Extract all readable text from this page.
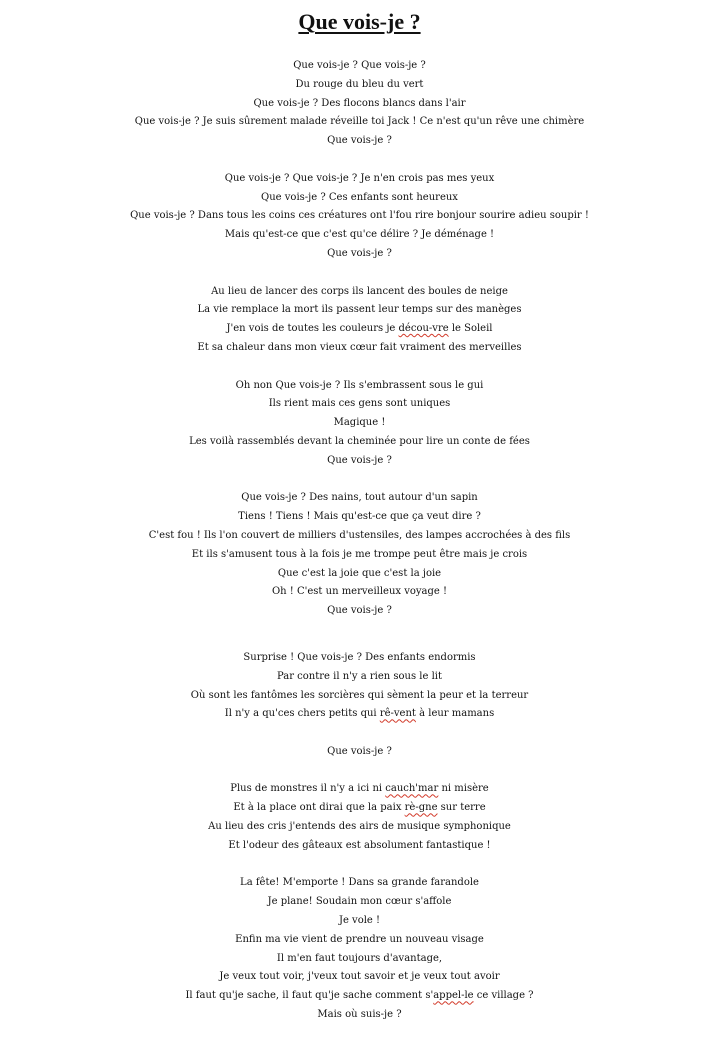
Que vois-je ?
Que vois-je ? Que vois-je ?
Du rouge du bleu du vert
Que vois-je ? Des flocons blancs dans l'air
Que vois-je ? Je suis sûrement malade réveille toi Jack ! Ce n'est qu'un rêve une chimère
Que vois-je ?
Que vois-je ? Que vois-je ? Je n'en crois pas mes yeux
Que vois-je ? Ces enfants sont heureux
Que vois-je ? Dans tous les coins ces créatures ont l'fou rire bonjour sourire adieu soupir !
Mais qu'est-ce que c'est qu'ce délire ? Je déménage !
Que vois-je ?
Au lieu de lancer des corps ils lancent des boules de neige
La vie remplace la mort ils passent leur temps sur des manèges
J'en vois de toutes les couleurs je décou-vre le Soleil
Et sa chaleur dans mon vieux cœur fait vraiment des merveilles
Oh non Que vois-je ? Ils s'embrassent sous le gui
Ils rient mais ces gens sont uniques
Magique !
Les voilà rassemblés devant la cheminée pour lire un conte de fées
Que vois-je ?
Que vois-je ? Des nains, tout autour d'un sapin
Tiens ! Tiens ! Mais qu'est-ce que ça veut dire ?
C'est fou ! Ils l'on couvert de milliers d'ustensiles, des lampes accrochées à des fils
Et ils s'amusent tous à la fois je me trompe peut être mais je crois
Que c'est la joie que c'est la joie
Oh ! C'est un merveilleux voyage !
Que vois-je ?
Surprise ! Que vois-je ? Des enfants endormis
Par contre il n'y a rien sous le lit
Où sont les fantômes les sorcières qui sèment la peur et la terreur
Il n'y a qu'ces chers petits qui rê-vent à leur mamans
Que vois-je ?
Plus de monstres il n'y a ici ni cauch'mar ni misère
Et à la place ont dirai que la paix rè-gne sur terre
Au lieu des cris j'entends des airs de musique symphonique
Et l'odeur des gâteaux est absolument fantastique !
La fête! M'emporte ! Dans sa grande farandole
Je plane! Soudain mon cœur s'affole
Je vole !
Enfin ma vie vient de prendre un nouveau visage
Il m'en faut toujours d'avantage,
Je veux tout voir, j'veux tout savoir et je veux tout avoir
Il faut qu'je sache, il faut qu'je sache comment s'appel-le ce village ?
Mais où suis-je ?
